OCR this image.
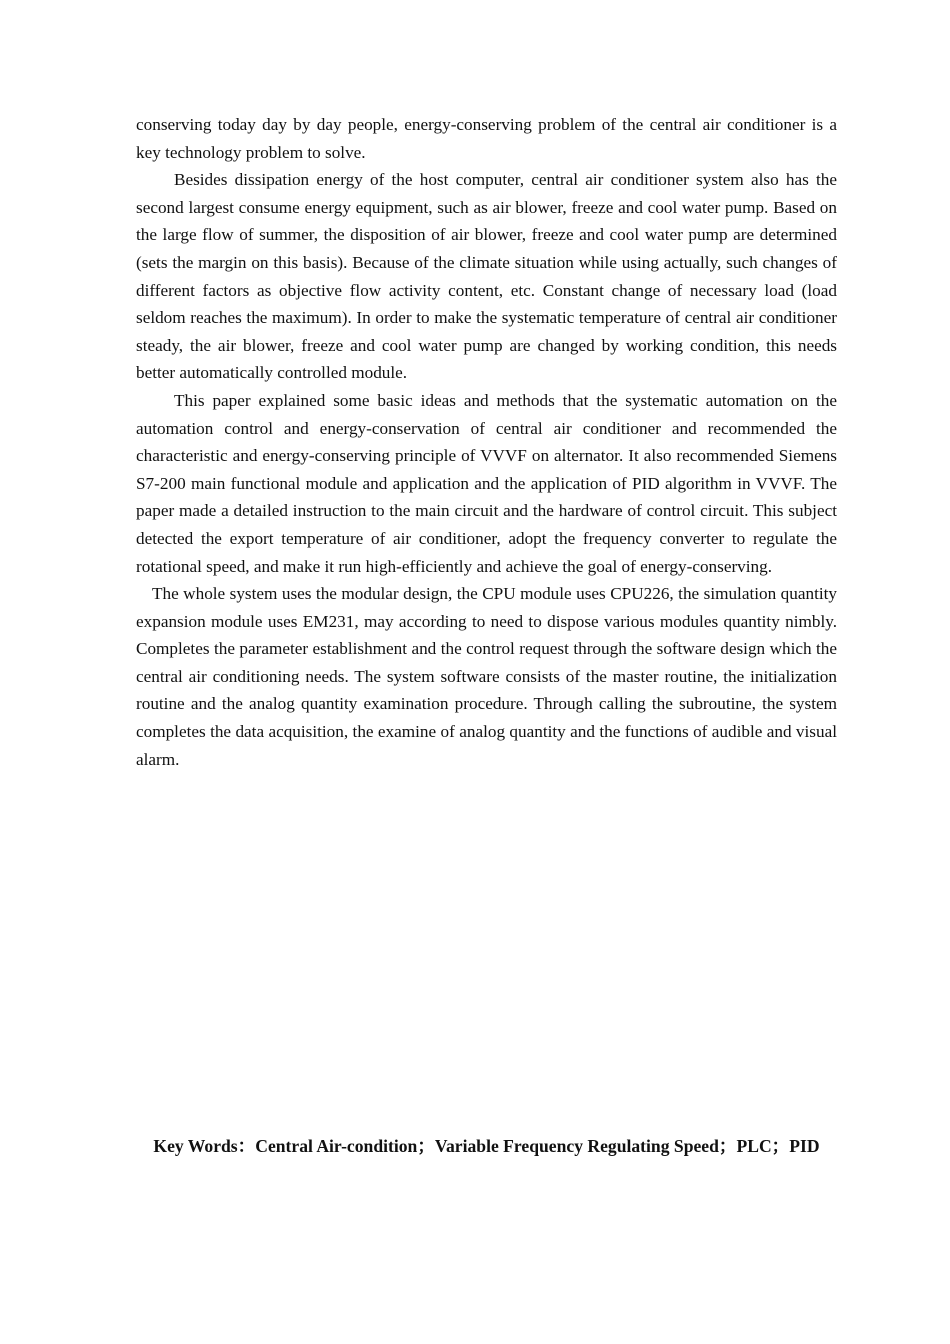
conserving today day by day people, energy-conserving problem of the central air conditioner is a key technology problem to solve.

Besides dissipation energy of the host computer, central air conditioner system also has the second largest consume energy equipment, such as air blower, freeze and cool water pump. Based on the large flow of summer, the disposition of air blower, freeze and cool water pump are determined (sets the margin on this basis). Because of the climate situation while using actually, such changes of different factors as objective flow activity content, etc. Constant change of necessary load (load seldom reaches the maximum). In order to make the systematic temperature of central air conditioner steady, the air blower, freeze and cool water pump are changed by working condition, this needs better automatically controlled module.

This paper explained some basic ideas and methods that the systematic automation on the automation control and energy-conservation of central air conditioner and recommended the characteristic and energy-conserving principle of VVVF on alternator. It also recommended Siemens S7-200 main functional module and application and the application of PID algorithm in VVVF. The paper made a detailed instruction to the main circuit and the hardware of control circuit. This subject detected the export temperature of air conditioner, adopt the frequency converter to regulate the rotational speed, and make it run high-efficiently and achieve the goal of energy-conserving.

The whole system uses the modular design, the CPU module uses CPU226, the simulation quantity expansion module uses EM231, may according to need to dispose various modules quantity nimbly. Completes the parameter establishment and the control request through the software design which the central air conditioning needs. The system software consists of the master routine, the initialization routine and the analog quantity examination procedure. Through calling the subroutine, the system completes the data acquisition, the examine of analog quantity and the functions of audible and visual alarm.

Key Words：Central Air-condition；Variable Frequency Regulating Speed；PLC；PID
